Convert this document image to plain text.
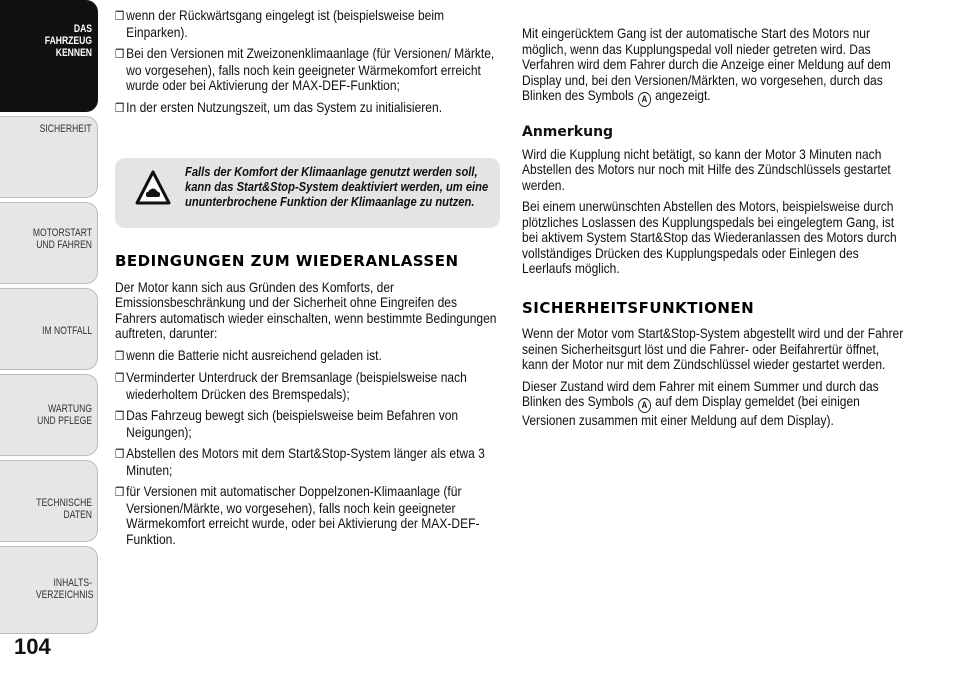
DAS FAHRZEUG KENNEN
SICHERHEIT
MOTORSTART UND FAHREN
IM NOTFALL
WARTUNG UND PFLEGE
TECHNISCHE DATEN
INHALTS-VERZEICHNIS
104

❒ wenn der Rückwärtsgang eingelegt ist (beispielsweise beim Einparken).

❒ Bei den Versionen mit Zweizonenklimaanlage (für Versionen/ Märkte, wo vorgesehen), falls noch kein geeigneter Wärmekomfort erreicht wurde oder bei Aktivierung der MAX-DEF-Funktion;

❒ In der ersten Nutzungszeit, um das System zu initialisieren.

Falls der Komfort der Klimaanlage genutzt werden soll, kann das Start&Stop-System deaktiviert werden, um eine ununterbrochene Funktion der Klimaanlage zu nutzen.
BEDINGUNGEN ZUM WIEDERANLASSEN

Der Motor kann sich aus Gründen des Komforts, der Emissionsbeschränkung und der Sicherheit ohne Eingreifen des Fahrers automatisch wieder einschalten, wenn bestimmte Bedingungen auftreten, darunter:

❒ wenn die Batterie nicht ausreichend geladen ist.

❒ Verminderter Unterdruck der Bremsanlage (beispielsweise nach wiederholtem Drücken des Bremspedals);

❒ Das Fahrzeug bewegt sich (beispielsweise beim Befahren von Neigungen);

❒ Abstellen des Motors mit dem Start&Stop-System länger als etwa 3 Minuten;

❒ für Versionen mit automatischer Doppelzonen-Klimaanlage (für Versionen/Märkte, wo vorgesehen), falls noch kein geeigneter Wärmekomfort erreicht wurde, oder bei Aktivierung der MAX-DEF-Funktion.

Mit eingerücktem Gang ist der automatische Start des Motors nur möglich, wenn das Kupplungspedal voll nieder getreten wird. Das Verfahren wird dem Fahrer durch die Anzeige einer Meldung auf dem Display und, bei den Versionen/Märkten, wo vorgesehen, durch das Blinken des Symbols A angezeigt.

Anmerkung

Wird die Kupplung nicht betätigt, so kann der Motor 3 Minuten nach Abstellen des Motors nur noch mit Hilfe des Zündschlüssels gestartet werden.

Bei einem unerwünschten Abstellen des Motors, beispielsweise durch plötzliches Loslassen des Kupplungspedals bei eingelegtem Gang, ist bei aktivem System Start&Stop das Wiederanlassen des Motors durch vollständiges Drücken des Kupplungspedals oder Einlegen des Leerlaufs möglich.

SICHERHEITSFUNKTIONEN

Wenn der Motor vom Start&Stop-System abgestellt wird und der Fahrer seinen Sicherheitsgurt löst und die Fahrer- oder Beifahrertür öffnet, kann der Motor nur mit dem Zündschlüssel wieder gestartet werden.

Dieser Zustand wird dem Fahrer mit einem Summer und durch das Blinken des Symbols A auf dem Display gemeldet (bei einigen Versionen zusammen mit einer Meldung auf dem Display).
